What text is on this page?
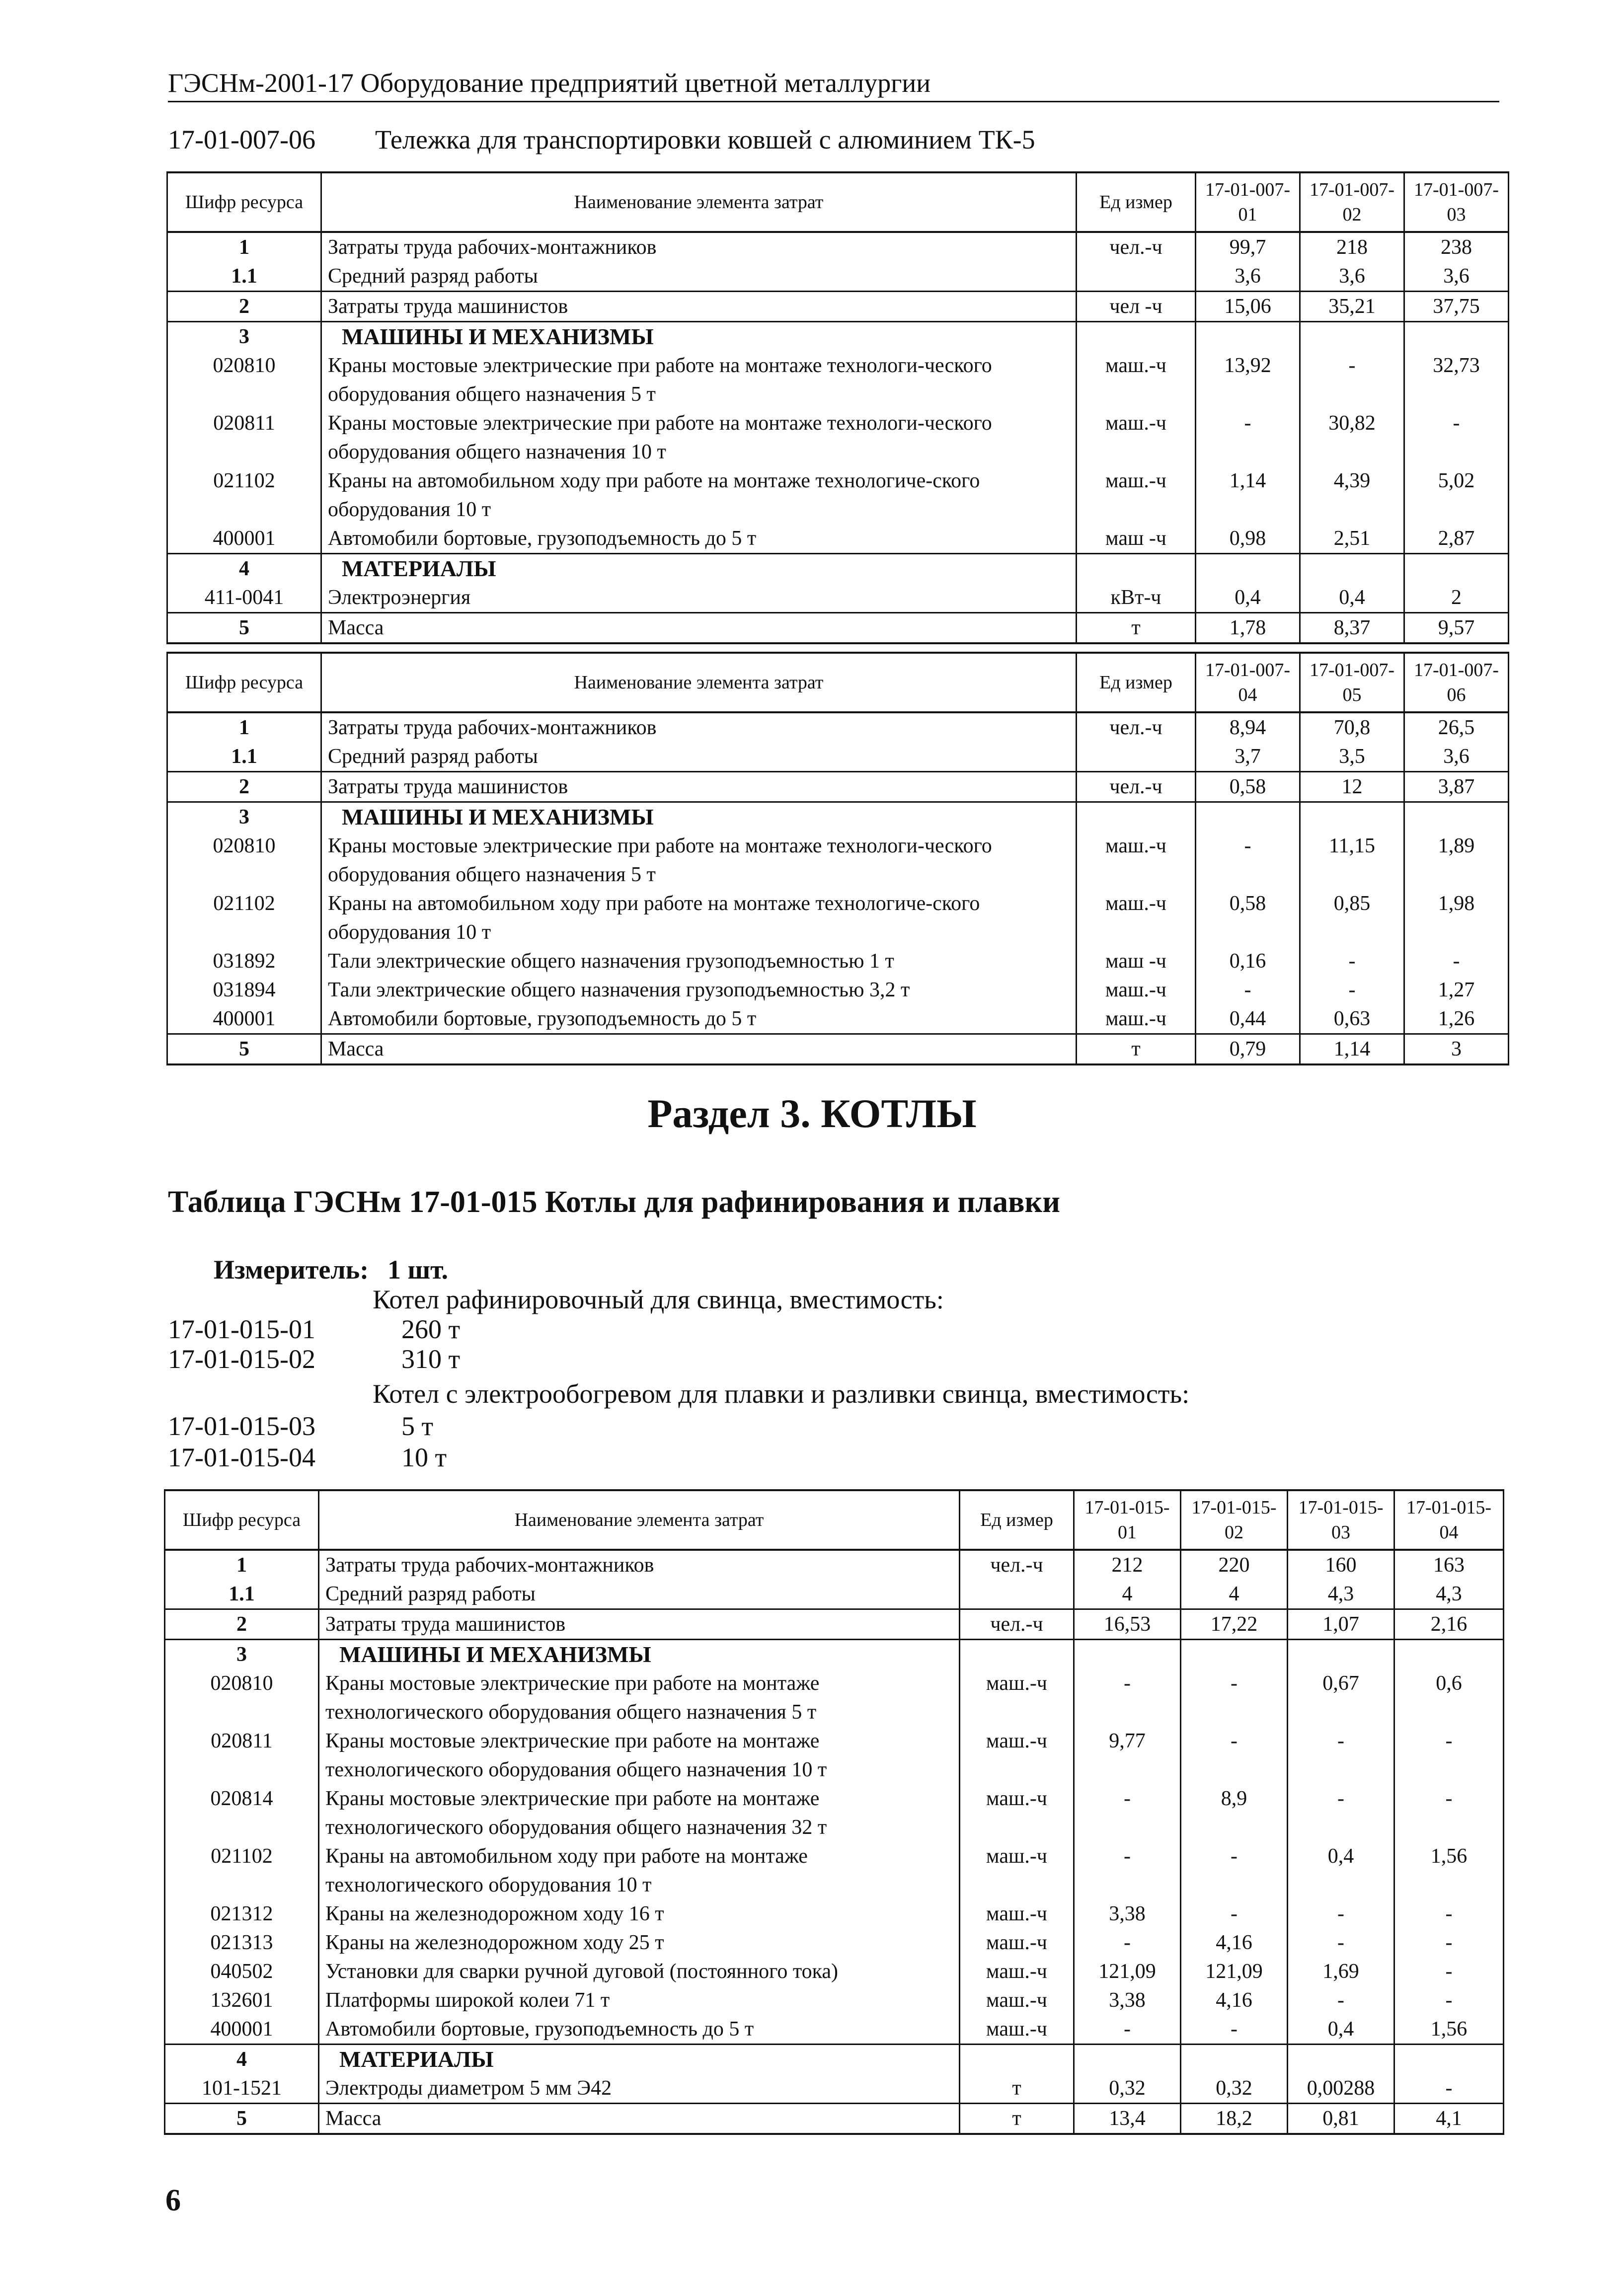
ГЭСНм-2001-17 Оборудование предприятий цветной металлургии
17-01-007-06 Тележка для транспортировки ковшей с алюминием ТК-5
Шифр ресурса	Наименование элемента затрат	Ед измер	17-01-007-01	17-01-007-02	17-01-007-03
1	Затраты труда рабочих-монтажников	чел.-ч	99,7	218	238
1.1	Средний разряд работы		3,6	3,6	3,6
2	Затраты труда машинистов	чел -ч	15,06	35,21	37,75
3	МАШИНЫ И МЕХАНИЗМЫ				
020810	Краны мостовые электрические при работе на монтаже технологи-ческого оборудования общего назначения 5 т	маш.-ч	13,92	-	32,73
020811	Краны мостовые электрические при работе на монтаже технологи-ческого оборудования общего назначения 10 т	маш.-ч	-	30,82	-
021102	Краны на автомобильном ходу при работе на монтаже технологиче-ского оборудования 10 т	маш.-ч	1,14	4,39	5,02
400001	Автомобили бортовые, грузоподъемность до 5 т	маш -ч	0,98	2,51	2,87
4	МАТЕРИАЛЫ				
411-0041	Электроэнергия	кВт-ч	0,4	0,4	2
5	Масса	т	1,78	8,37	9,57
Шифр ресурса	Наименование элемента затрат	Ед измер	17-01-007-04	17-01-007-05	17-01-007-06
1	Затраты труда рабочих-монтажников	чел.-ч	8,94	70,8	26,5
1.1	Средний разряд работы		3,7	3,5	3,6
2	Затраты труда машинистов	чел.-ч	0,58	12	3,87
3	МАШИНЫ И МЕХАНИЗМЫ				
020810	Краны мостовые электрические при работе на монтаже технологи-ческого оборудования общего назначения 5 т	маш.-ч	-	11,15	1,89
021102	Краны на автомобильном ходу при работе на монтаже технологиче-ского оборудования 10 т	маш.-ч	0,58	0,85	1,98
031892	Тали электрические общего назначения грузоподъемностью 1 т	маш -ч	0,16	-	-
031894	Тали электрические общего назначения грузоподъемностью 3,2 т	маш.-ч	-	-	1,27
400001	Автомобили бортовые, грузоподъемность до 5 т	маш.-ч	0,44	0,63	1,26
5	Масса	т	0,79	1,14	3
Раздел 3. КОТЛЫ
Таблица ГЭСНм 17-01-015 Котлы для рафинирования и плавки
Измеритель: 1 шт.
Котел рафинировочный для свинца, вместимость:
17-01-015-01	260 т
17-01-015-02	310 т
Котел с электрообогревом для плавки и разливки свинца, вместимость:
17-01-015-03	5 т
17-01-015-04	10 т
Шифр ресурса	Наименование элемента затрат	Ед измер	17-01-015-01	17-01-015-02	17-01-015-03	17-01-015-04
1	Затраты труда рабочих-монтажников	чел.-ч	212	220	160	163
1.1	Средний разряд работы		4	4	4,3	4,3
2	Затраты труда машинистов	чел.-ч	16,53	17,22	1,07	2,16
3	МАШИНЫ И МЕХАНИЗМЫ					
020810	Краны мостовые электрические при работе на монтаже технологического оборудования общего назначения 5 т	маш.-ч	-	-	0,67	0,6
020811	Краны мостовые электрические при работе на монтаже технологического оборудования общего назначения 10 т	маш.-ч	9,77	-	-	-
020814	Краны мостовые электрические при работе на монтаже технологического оборудования общего назначения 32 т	маш.-ч	-	8,9	-	-
021102	Краны на автомобильном ходу при работе на монтаже технологического оборудования 10 т	маш.-ч	-	-	0,4	1,56
021312	Краны на железнодорожном ходу 16 т	маш.-ч	3,38	-	-	-
021313	Краны на железнодорожном ходу 25 т	маш.-ч	-	4,16	-	-
040502	Установки для сварки ручной дуговой (постоянного тока)	маш.-ч	121,09	121,09	1,69	-
132601	Платформы широкой колеи 71 т	маш.-ч	3,38	4,16	-	-
400001	Автомобили бортовые, грузоподъемность до 5 т	маш.-ч	-	-	0,4	1,56
4	МАТЕРИАЛЫ					
101-1521	Электроды диаметром 5 мм Э42	т	0,32	0,32	0,00288	-
5	Масса	т	13,4	18,2	0,81	4,1
6
